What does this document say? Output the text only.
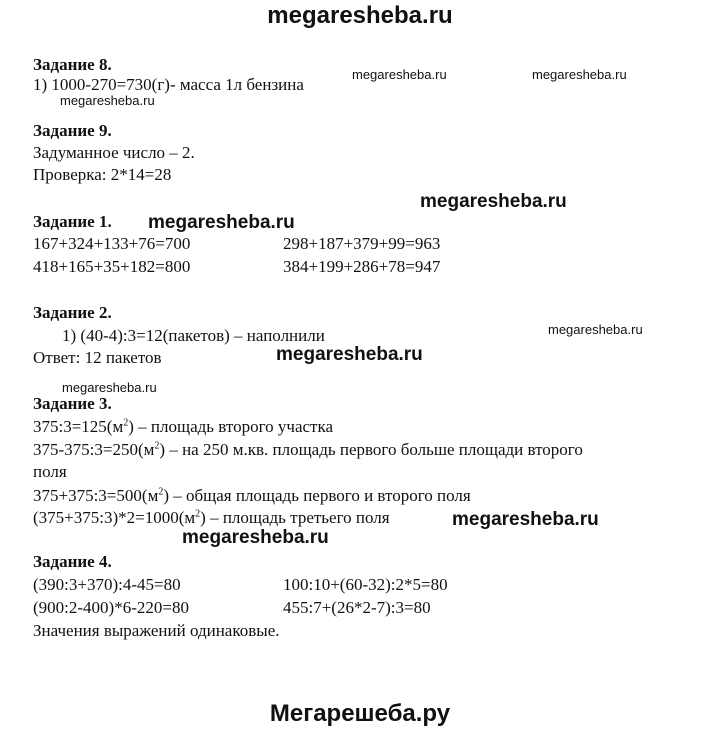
megaresheba.ru
Задание 8.
1) 1000-270=730(г)- масса 1л бензина
Задание 9.
Задуманное число – 2.
Проверка: 2*14=28
Задание 1.
167+324+133+76=700
418+165+35+182=800
298+187+379+99=963
384+199+286+78=947
Задание 2.
1) (40-4):3=12(пакетов) – наполнили
Ответ: 12 пакетов
Задание 3.
$375:3=125(м^2)$ – площадь второго участка
$375-375:3=250(м^2)$ – на 250 м.кв. площадь первого больше площади второго
поля
$375+375:3=500(м^2)$ – общая площадь первого и второго поля
$(375+375:3)*2=1000(м^2)$ – площадь третьего поля
Задание 4.
(390:3+370):4-45=80
(900:2-400)*6-220=80
100:10+(60-32):2*5=80
455:7+(26*2-7):3=80
Значения выражений одинаковые.
megaresheba.ru	megaresheba.ru
megaresheba.ru
megaresheba.ru
megaresheba.ru
megaresheba.ru
megaresheba.ru
megaresheba.ru
megaresheba.ru
megaresheba.ru
Мегарешеба.ру
